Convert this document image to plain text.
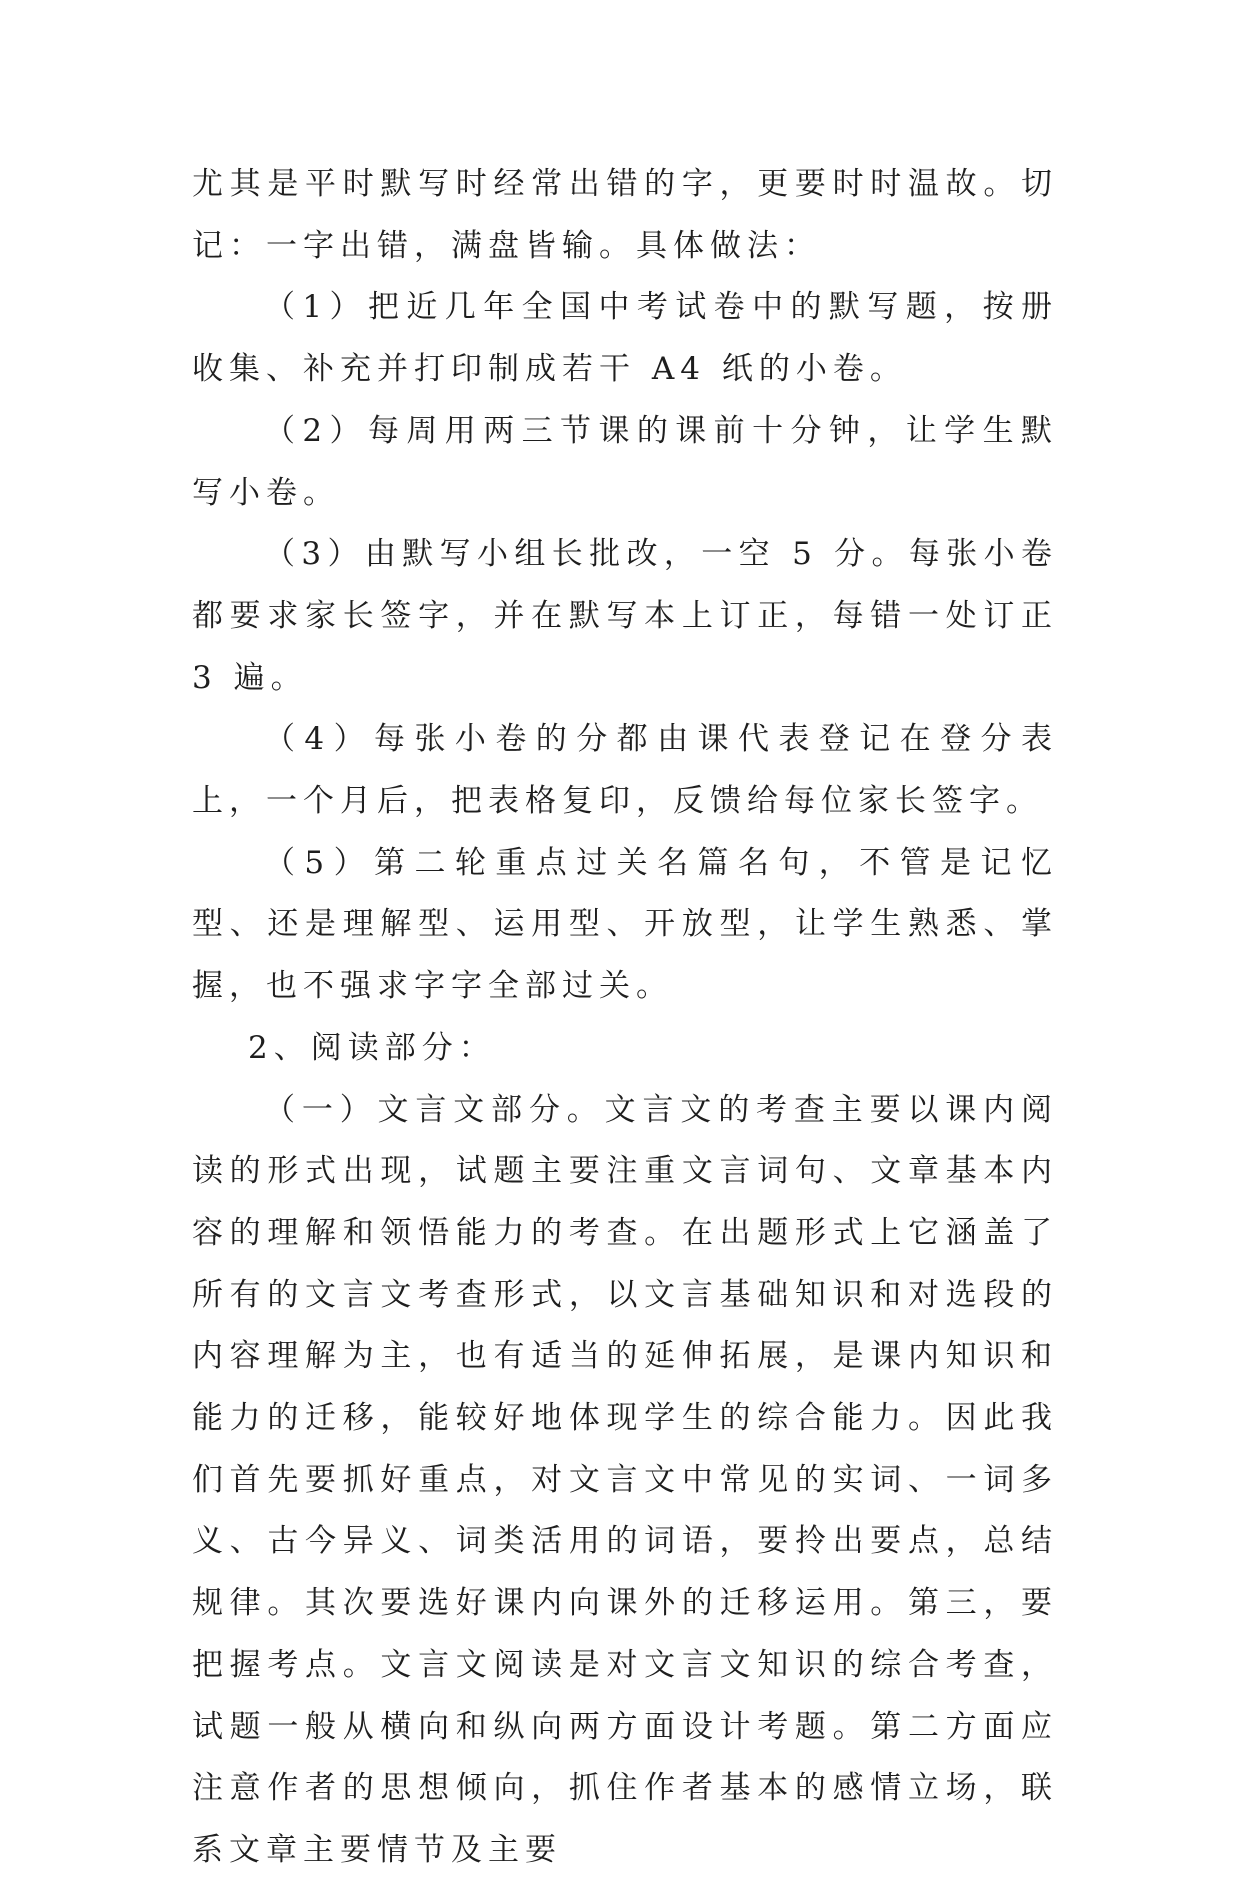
尤其是平时默写时经常出错的字，更要时时温故。切记：一字出错，满盘皆输。具体做法：

（1）把近几年全国中考试卷中的默写题，按册收集、补充并打印制成若干 A4 纸的小卷。

（2）每周用两三节课的课前十分钟，让学生默写小卷。

（3）由默写小组长批改，一空 5 分。每张小卷都要求家长签字，并在默写本上订正，每错一处订正 3 遍。

（4）每张小卷的分都由课代表登记在登分表上，一个月后，把表格复印，反馈给每位家长签字。

（5）第二轮重点过关名篇名句，不管是记忆型、还是理解型、运用型、开放型，让学生熟悉、掌握，也不强求字字全部过关。

2、阅读部分：

（一）文言文部分。文言文的考查主要以课内阅读的形式出现，试题主要注重文言词句、文章基本内容的理解和领悟能力的考查。在出题形式上它涵盖了所有的文言文考查形式，以文言基础知识和对选段的内容理解为主，也有适当的延伸拓展，是课内知识和能力的迁移，能较好地体现学生的综合能力。因此我们首先要抓好重点，对文言文中常见的实词、一词多义、古今异义、词类活用的词语，要拎出要点，总结规律。其次要选好课内向课外的迁移运用。第三，要把握考点。文言文阅读是对文言文知识的综合考查，试题一般从横向和纵向两方面设计考题。第二方面应注意作者的思想倾向，抓住作者基本的感情立场，联系文章主要情节及主要
